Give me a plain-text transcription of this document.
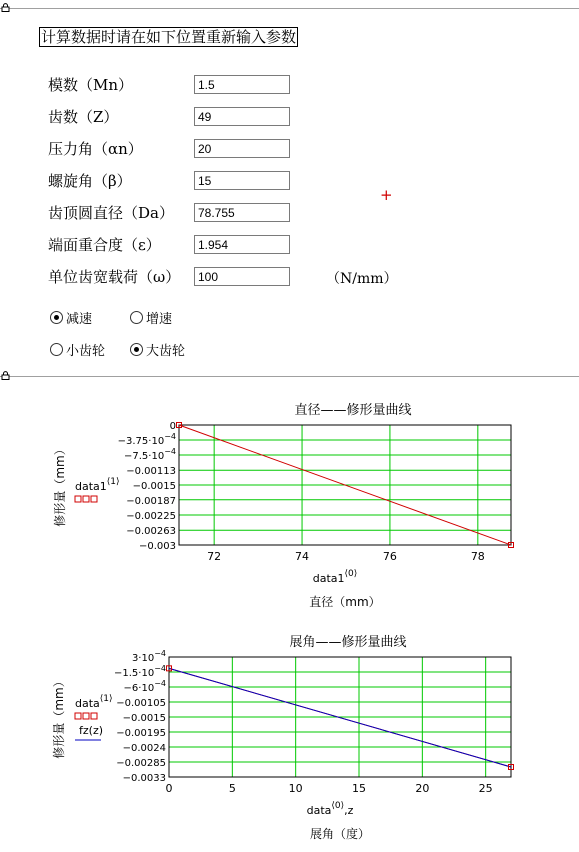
计算数据时请在如下位置重新输入参数
模数（Mn）
1.5
齿数（Z）
49
压力角（αn）
20
螺旋角（β）
15
齿顶圆直径（Da）
78.755
端面重合度（ε）
1.954
单位齿宽载荷（ω）
100	（N/mm）
+
减速	增速
小齿轮	大齿轮
直径——修形量曲线
72	74	76	78
0
$-3.75\cdot 10^{-4}$
$-7.5\cdot 10^{-4}$
−0.00113
−0.0015
−0.00187
−0.00225
−0.00263
−0.003
修形量（mm） $data1^{⟨1⟩}$
$data1^{⟨0⟩}$
直径（mm）
展角——修形量曲线
0	5	10	15	20	25
$3\cdot 10^{-4}$
$-1.5\cdot 10^{-4}$
$-6\cdot 10^{-4}$
−0.00105
−0.0015
−0.00195
−0.0024
−0.00285
−0.0033
修形量（mm） data$^{⟨1⟩}$
fz(z)
data$^{⟨0⟩}$,z
展角（度）
